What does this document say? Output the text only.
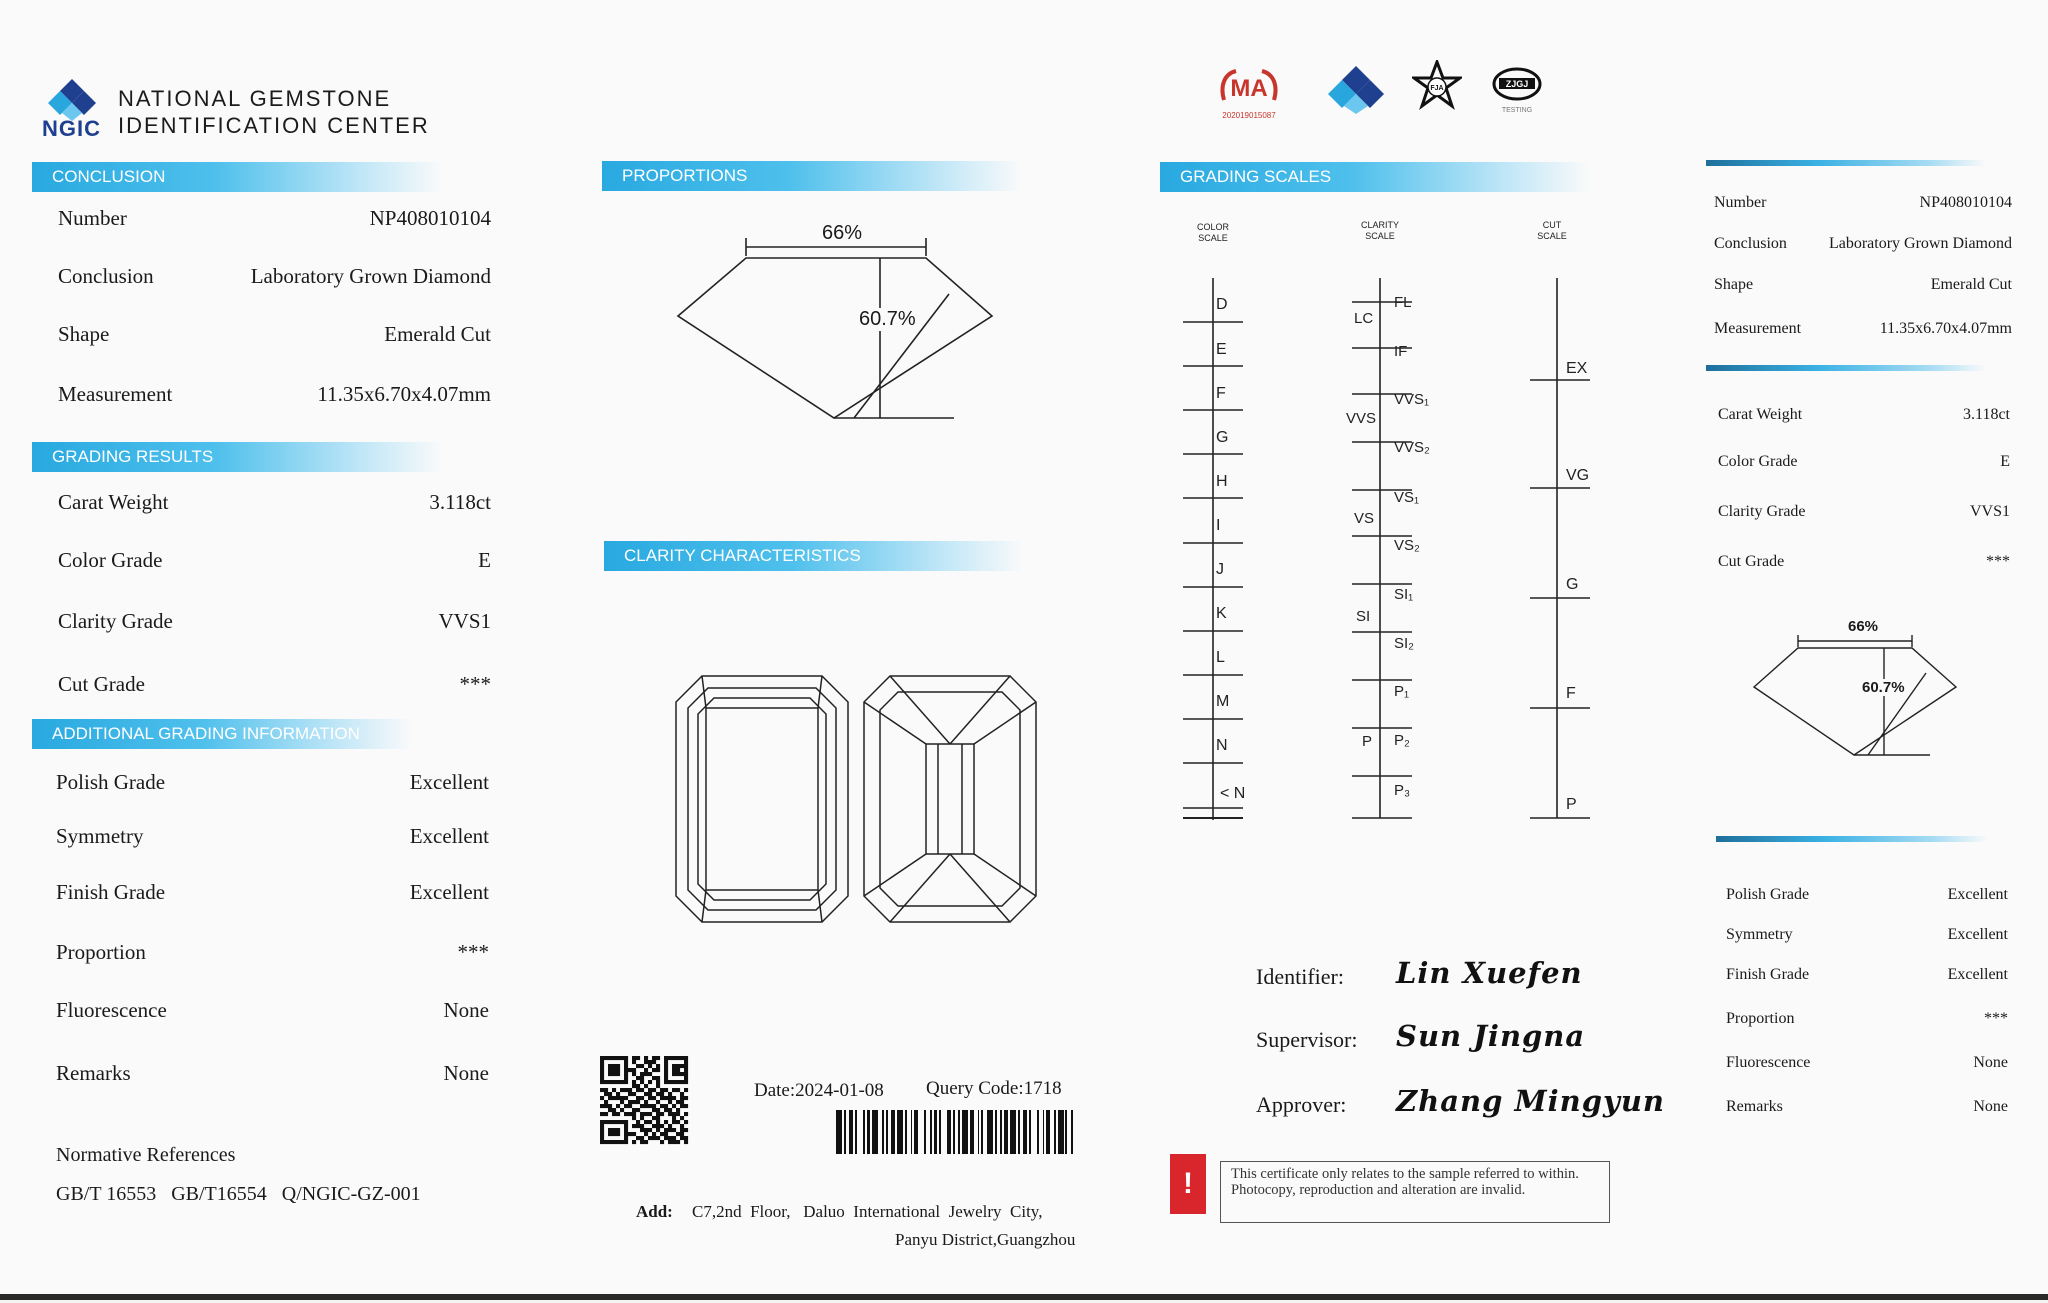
NGIC
NATIONAL GEMSTONE
IDENTIFICATION CENTER
CONCLUSION
Number	NP408010104
Conclusion	Laboratory Grown Diamond
Shape	Emerald Cut
Measurement	11.35x6.70x4.07mm
GRADING RESULTS
Carat Weight	3.118ct
Color Grade	E
Clarity Grade	VVS1
Cut Grade	***
ADDITIONAL GRADING INFORMATION
Polish Grade	Excellent
Symmetry	Excellent
Finish Grade	Excellent
Proportion	***
Fluorescence	None
Remarks	None
Normative References
GB/T 16553   GB/T16554   Q/NGIC-GZ-001
PROPORTIONS
66%
60.7%
CLARITY CHARACTERISTICS
Date:2024-01-08 Query Code:1718
Add: C7,2nd  Floor,   Daluo  International  Jewelry  City,
Panyu District,Guangzhou
MA
202019015087
FJA	ZJGJ
TESTING
GRADING SCALES
COLOR
SCALE
CLARITY
SCALE
CUT
SCALE
D
E
F
G
H
I
J
K
L
M
N
< N
FL
IF
VVS₁
VVS₂
VS₁
VS₂
SI₁
SI₂
P₁
P₂
P₃
LC
VVS
VS
SI
P
EX
VG
G
F
P
Identifier: Lin Xuefen
Supervisor: Sun Jingna
Approver: Zhang Mingyun
!	This certificate only relates to the sample referred to within. Photocopy, reproduction and alteration are invalid.
Number	NP408010104
Conclusion	Laboratory Grown Diamond
Shape	Emerald Cut
Measurement	11.35x6.70x4.07mm
Carat Weight	3.118ct
Color Grade	E
Clarity Grade	VVS1
Cut Grade	***
66%
60.7%
Polish Grade	Excellent
Symmetry	Excellent
Finish Grade	Excellent
Proportion	***
Fluorescence	None
Remarks	None
